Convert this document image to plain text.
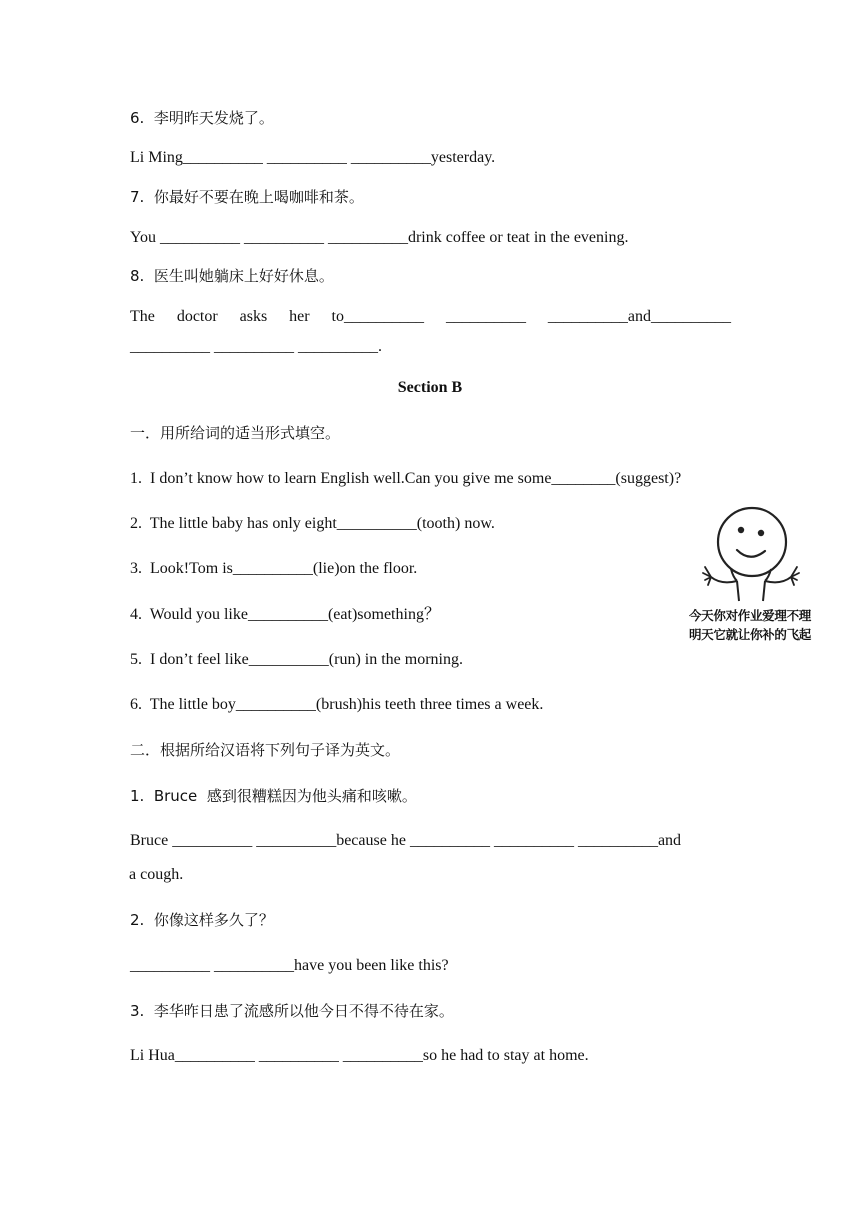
6.  李明昨天发烧了。
Li Ming__________ __________ __________yesterday.
7.  你最好不要在晚上喝咖啡和茶。
You __________ __________ __________drink coffee or teat in the evening.
8.  医生叫她躺床上好好休息。
The doctor asks her to__________ __________ __________and__________
__________ __________ __________.
Section B
一．用所给词的适当形式填空。
1.  I don’t know how to learn English well.Can you give me some________(suggest)?
2.  The little baby has only eight__________(tooth) now.
3.  Look!Tom is__________(lie)on the floor.
4.  Would you like__________(eat)something？
5.  I don’t feel like__________(run) in the morning.
6.  The little boy__________(brush)his teeth three times a week.
二．根据所给汉语将下列句子译为英文。
1.  Bruce  感到很糟糕因为他头痛和咳嗽。
Bruce __________ __________because he __________ __________ __________and
a cough.
2.  你像这样多久了？
__________ __________have you been like this?
3.  李华昨日患了流感所以他今日不得不待在家。
Li Hua__________ __________ __________so he had to stay at home.
今天你对作业爱理不理
明天它就让你补的飞起
